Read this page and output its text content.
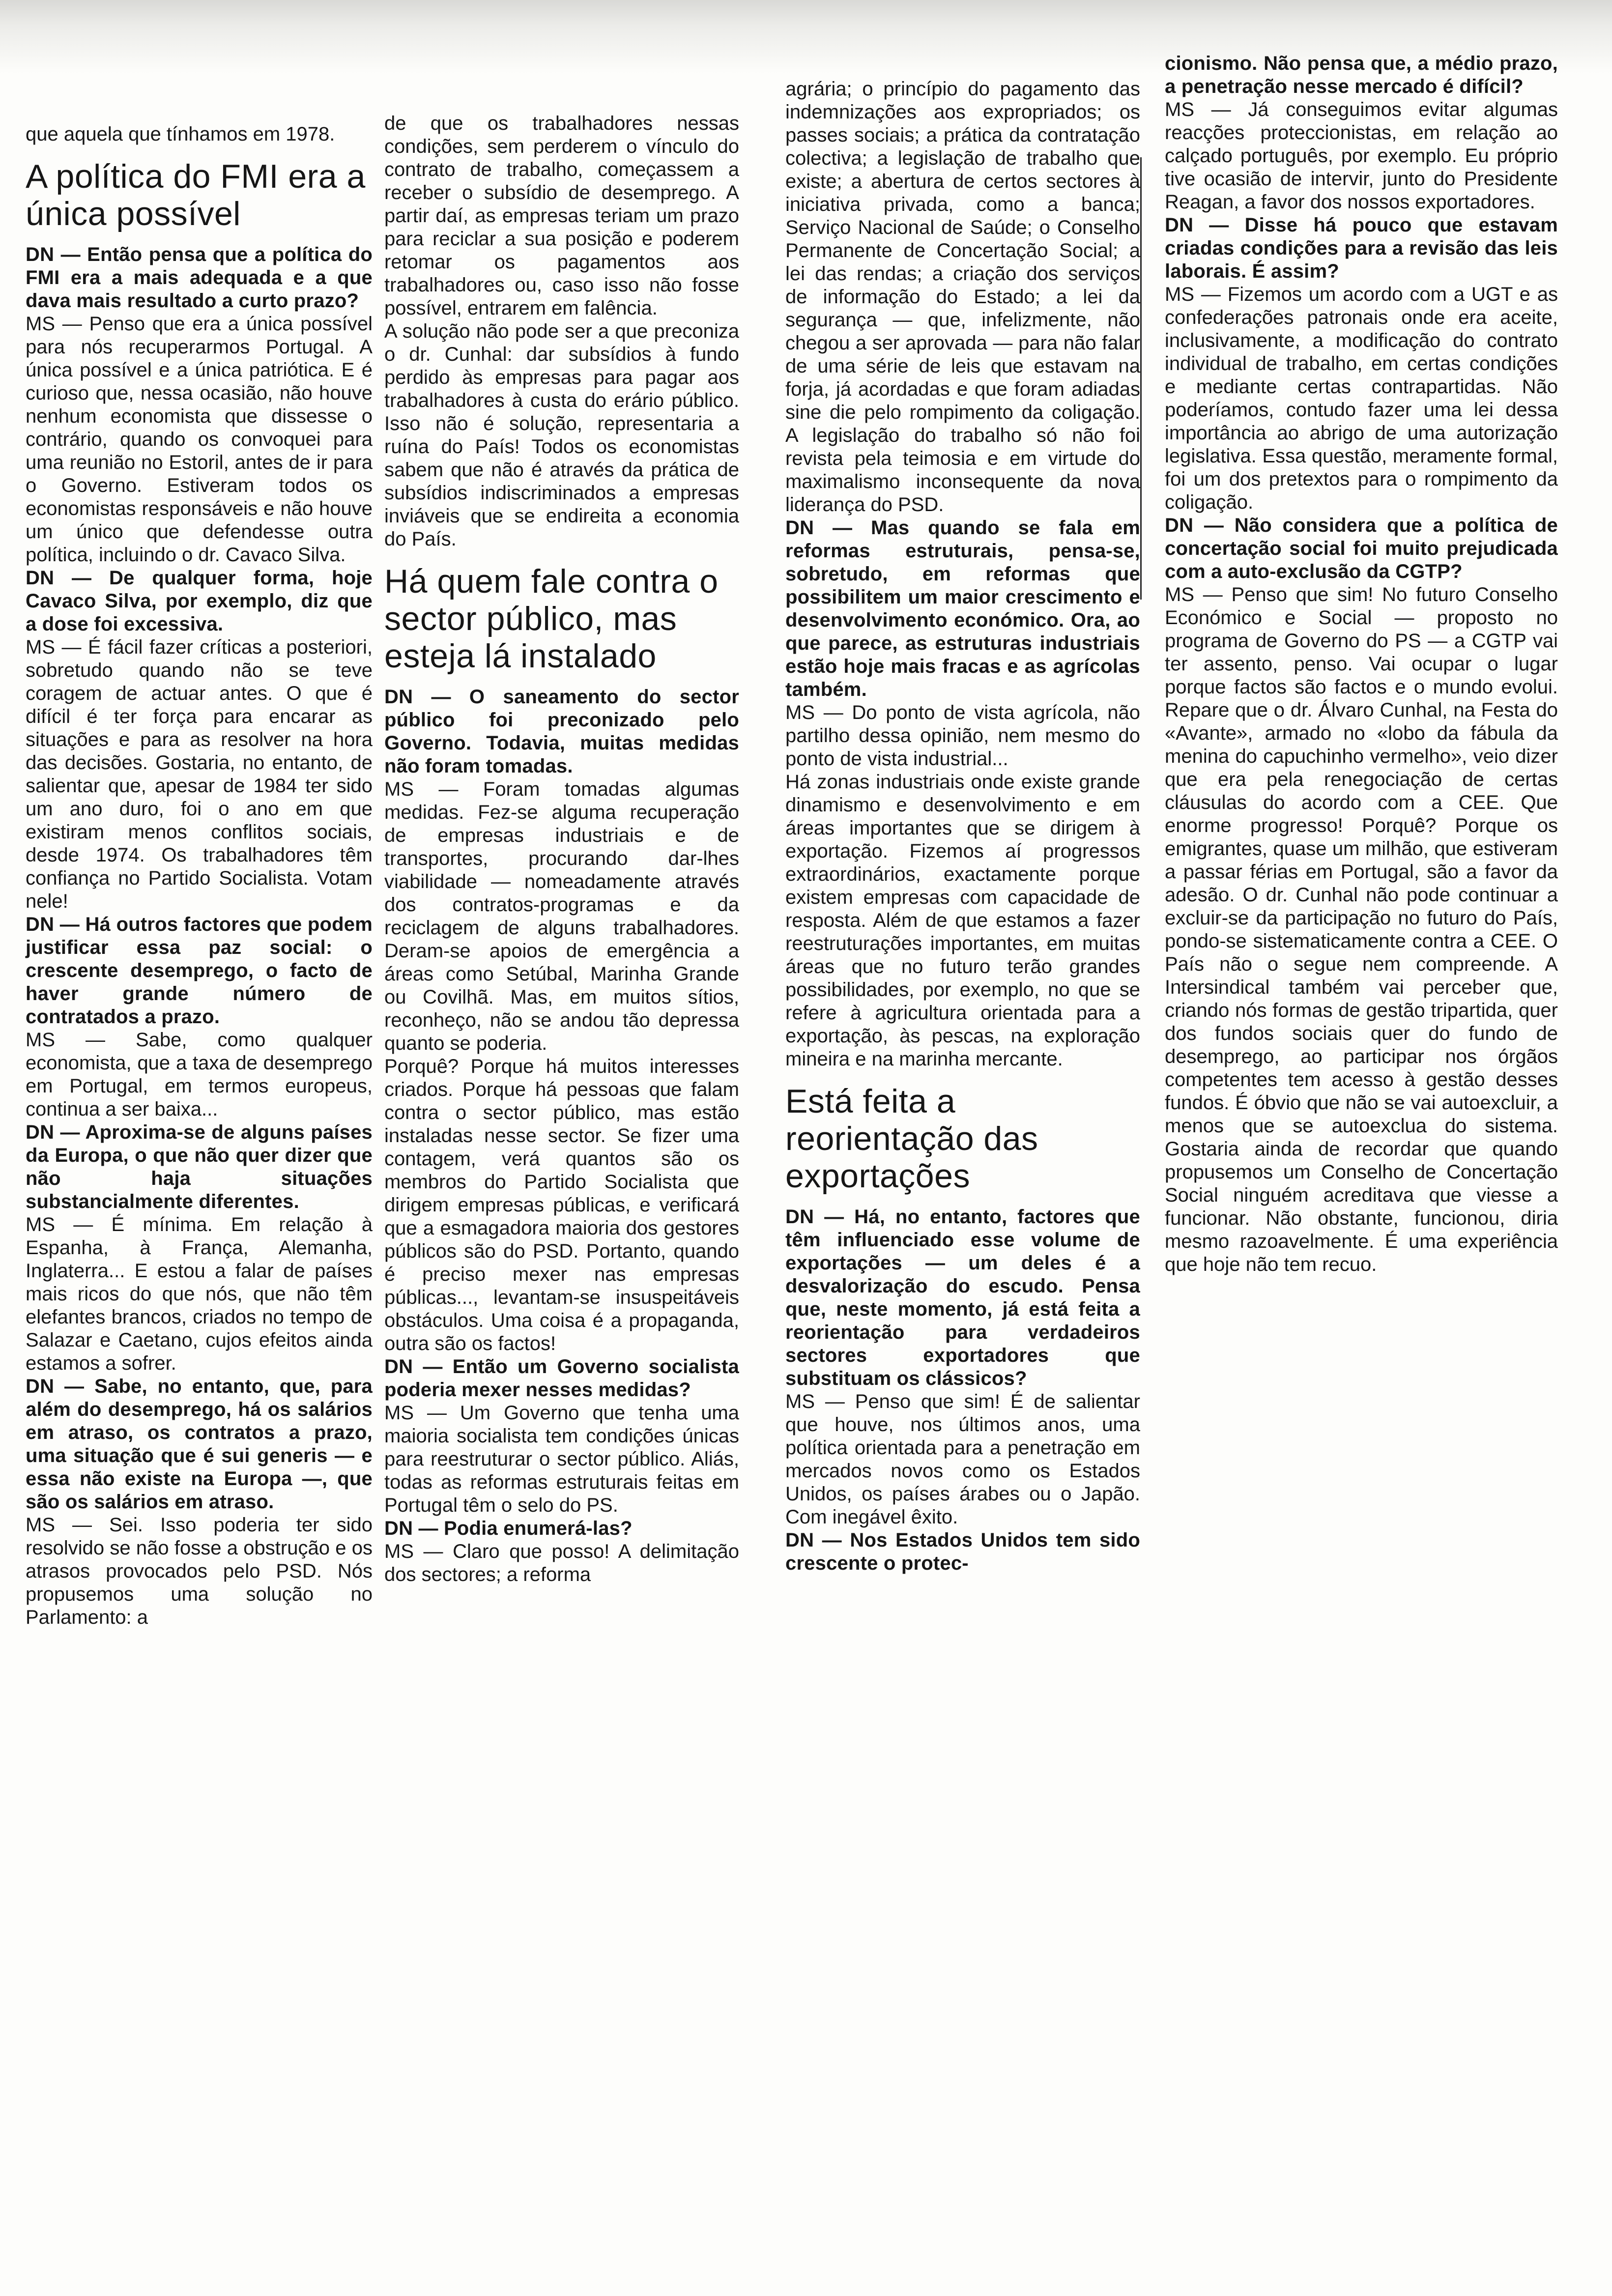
que aquela que tínhamos em 1978.

A política do FMI era a única possível

DN — Então pensa que a política do FMI era a mais adequada e a que dava mais resultado a curto prazo?

MS — Penso que era a única possível para nós recuperarmos Portugal. A única possível e a única patriótica. E é curioso que, nessa ocasião, não houve nenhum economista que dissesse o contrário, quando os convoquei para uma reunião no Estoril, antes de ir para o Governo. Estiveram todos os economistas responsáveis e não houve um único que defendesse outra política, incluindo o dr. Cavaco Silva.

DN — De qualquer forma, hoje Cavaco Silva, por exemplo, diz que a dose foi excessiva.

MS — É fácil fazer críticas a posteriori, sobretudo quando não se teve coragem de actuar antes. O que é difícil é ter força para encarar as situações e para as resolver na hora das decisões. Gostaria, no entanto, de salientar que, apesar de 1984 ter sido um ano duro, foi o ano em que existiram menos conflitos sociais, desde 1974. Os trabalhadores têm confiança no Partido Socialista. Votam nele!

DN — Há outros factores que podem justificar essa paz social: o crescente desemprego, o facto de haver grande número de contratados a prazo.

MS — Sabe, como qualquer economista, que a taxa de desemprego em Portugal, em termos europeus, continua a ser baixa...

DN — Aproxima-se de alguns países da Europa, o que não quer dizer que não haja situações substancialmente diferentes.

MS — É mínima. Em relação à Espanha, à França, Alemanha, Inglaterra... E estou a falar de países mais ricos do que nós, que não têm elefantes brancos, criados no tempo de Salazar e Caetano, cujos efeitos ainda estamos a sofrer.

DN — Sabe, no entanto, que, para além do desemprego, há os salários em atraso, os contratos a prazo, uma situação que é sui generis — e essa não existe na Europa —, que são os salários em atraso.

MS — Sei. Isso poderia ter sido resolvido se não fosse a obstrução e os atrasos provocados pelo PSD. Nós propusemos uma solução no Parlamento: a

de que os trabalhadores nessas condições, sem perderem o vínculo do contrato de trabalho, começassem a receber o subsídio de desemprego. A partir daí, as empresas teriam um prazo para reciclar a sua posição e poderem retomar os pagamentos aos trabalhadores ou, caso isso não fosse possível, entrarem em falência.

A solução não pode ser a que preconiza o dr. Cunhal: dar subsídios à fundo perdido às empresas para pagar aos trabalhadores à custa do erário público. Isso não é solução, representaria a ruína do País! Todos os economistas sabem que não é através da prática de subsídios indiscriminados a empresas inviáveis que se endireita a economia do País.

Há quem fale contra o sector público, mas esteja lá instalado

DN — O saneamento do sector público foi preconizado pelo Governo. Todavia, muitas medidas não foram tomadas.

MS — Foram tomadas algumas medidas. Fez-se alguma recuperação de empresas industriais e de transportes, procurando dar-lhes viabilidade — nomeadamente através dos contratos-programas e da reciclagem de alguns trabalhadores. Deram-se apoios de emergência a áreas como Setúbal, Marinha Grande ou Covilhã. Mas, em muitos sítios, reconheço, não se andou tão depressa quanto se poderia.

Porquê? Porque há muitos interesses criados. Porque há pessoas que falam contra o sector público, mas estão instaladas nesse sector. Se fizer uma contagem, verá quantos são os membros do Partido Socialista que dirigem empresas públicas, e verificará que a esmagadora maioria dos gestores públicos são do PSD. Portanto, quando é preciso mexer nas empresas públicas..., levantam-se insuspeitáveis obstáculos. Uma coisa é a propaganda, outra são os factos!

DN — Então um Governo socialista poderia mexer nesses medidas?

MS — Um Governo que tenha uma maioria socialista tem condições únicas para reestruturar o sector público. Aliás, todas as reformas estruturais feitas em Portugal têm o selo do PS.

DN — Podia enumerá-las?

MS — Claro que posso! A delimitação dos sectores; a reforma

agrária; o princípio do pagamento das indemnizações aos expropriados; os passes sociais; a prática da contratação colectiva; a legislação de trabalho que existe; a abertura de certos sectores à iniciativa privada, como a banca; Serviço Nacional de Saúde; o Conselho Permanente de Concertação Social; a lei das rendas; a criação dos serviços de informação do Estado; a lei da segurança — que, infelizmente, não chegou a ser aprovada — para não falar de uma série de leis que estavam na forja, já acordadas e que foram adiadas sine die pelo rompimento da coligação. A legislação do trabalho só não foi revista pela teimosia e em virtude do maximalismo inconsequente da nova liderança do PSD.

DN — Mas quando se fala em reformas estruturais, pensa-se, sobretudo, em reformas que possibilitem um maior crescimento e desenvolvimento económico. Ora, ao que parece, as estruturas industriais estão hoje mais fracas e as agrícolas também.

MS — Do ponto de vista agrícola, não partilho dessa opinião, nem mesmo do ponto de vista industrial...

Há zonas industriais onde existe grande dinamismo e desenvolvimento e em áreas importantes que se dirigem à exportação. Fizemos aí progressos extraordinários, exactamente porque existem empresas com capacidade de resposta. Além de que estamos a fazer reestruturações importantes, em muitas áreas que no futuro terão grandes possibilidades, por exemplo, no que se refere à agricultura orientada para a exportação, às pescas, na exploração mineira e na marinha mercante.

Está feita a reorientação das exportações

DN — Há, no entanto, factores que têm influenciado esse volume de exportações — um deles é a desvalorização do escudo. Pensa que, neste momento, já está feita a reorientação para verdadeiros sectores exportadores que substituam os clássicos?

MS — Penso que sim! É de salientar que houve, nos últimos anos, uma política orientada para a penetração em mercados novos como os Estados Unidos, os países árabes ou o Japão. Com inegável êxito.

DN — Nos Estados Unidos tem sido crescente o protec-

cionismo. Não pensa que, a médio prazo, a penetração nesse mercado é difícil?

MS — Já conseguimos evitar algumas reacções proteccionistas, em relação ao calçado português, por exemplo. Eu próprio tive ocasião de intervir, junto do Presidente Reagan, a favor dos nossos exportadores.

DN — Disse há pouco que estavam criadas condições para a revisão das leis laborais. É assim?

MS — Fizemos um acordo com a UGT e as confederações patronais onde era aceite, inclusivamente, a modificação do contrato individual de trabalho, em certas condições e mediante certas contrapartidas. Não poderíamos, contudo fazer uma lei dessa importância ao abrigo de uma autorização legislativa. Essa questão, meramente formal, foi um dos pretextos para o rompimento da coligação.

DN — Não considera que a política de concertação social foi muito prejudicada com a auto-exclusão da CGTP?

MS — Penso que sim! No futuro Conselho Económico e Social — proposto no programa de Governo do PS — a CGTP vai ter assento, penso. Vai ocupar o lugar porque factos são factos e o mundo evolui. Repare que o dr. Álvaro Cunhal, na Festa do «Avante», armado no «lobo da fábula da menina do capuchinho vermelho», veio dizer que era pela renegociação de certas cláusulas do acordo com a CEE. Que enorme progresso! Porquê? Porque os emigrantes, quase um milhão, que estiveram a passar férias em Portugal, são a favor da adesão. O dr. Cunhal não pode continuar a excluir-se da participação no futuro do País, pondo-se sistematicamente contra a CEE. O País não o segue nem compreende. A Intersindical também vai perceber que, criando nós formas de gestão tripartida, quer dos fundos sociais quer do fundo de desemprego, ao participar nos órgãos competentes tem acesso à gestão desses fundos. É óbvio que não se vai autoexcluir, a menos que se autoexclua do sistema. Gostaria ainda de recordar que quando propusemos um Conselho de Concertação Social ninguém acreditava que viesse a funcionar. Não obstante, funcionou, diria mesmo razoavelmente. É uma experiência que hoje não tem recuo.
